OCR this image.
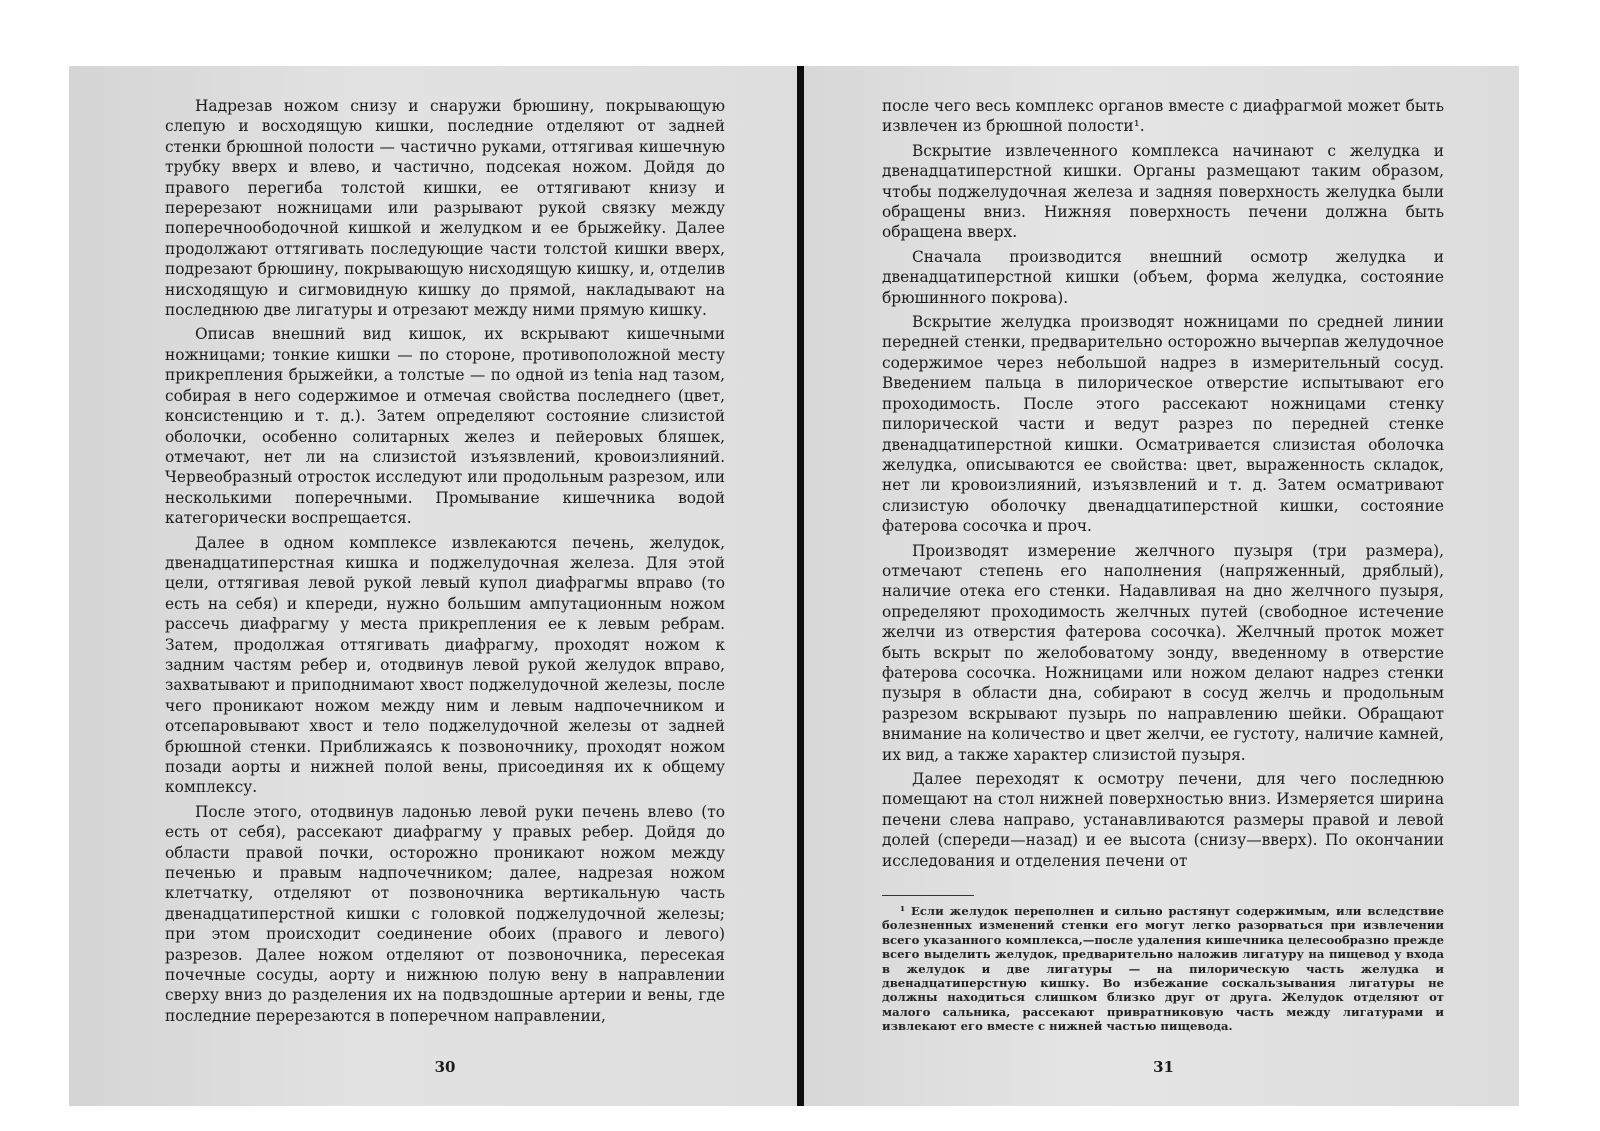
Надрезав ножом снизу и снаружи брюшину, покрывающую слепую и восходящую кишки, последние отделяют от задней стенки брюшной полости — частично руками, оттягивая кишечную трубку вверх и влево, и частично, подсекая ножом. Дойдя до правого перегиба толстой кишки, ее оттягивают книзу и перерезают ножницами или разрывают рукой связку между поперечноободочной кишкой и желудком и ее брыжейку. Далее продолжают оттягивать последующие части толстой кишки вверх, подрезают брюшину, покрывающую нисходящую кишку, и, отделив нисходящую и сигмовидную кишку до прямой, накладывают на последнюю две лигатуры и отрезают между ними прямую кишку.

Описав внешний вид кишок, их вскрывают кишечными ножницами; тонкие кишки — по стороне, противоположной месту прикрепления брыжейки, а толстые — по одной из tenia над тазом, собирая в него содержимое и отмечая свойства последнего (цвет, консистенцию и т. д.). Затем определяют состояние слизистой оболочки, особенно солитарных желез и пейеровых бляшек, отмечают, нет ли на слизистой изъязвлений, кровоизлияний. Червеобразный отросток исследуют или продольным разрезом, или несколькими поперечными. Промывание кишечника водой категорически воспрещается.

Далее в одном комплексе извлекаются печень, желудок, двенадцатиперстная кишка и поджелудочная железа. Для этой цели, оттягивая левой рукой левый купол диафрагмы вправо (то есть на себя) и кпереди, нужно большим ампутационным ножом рассечь диафрагму у места прикрепления ее к левым ребрам. Затем, продолжая оттягивать диафрагму, проходят ножом к задним частям ребер и, отодвинув левой рукой желудок вправо, захватывают и приподнимают хвост поджелудочной железы, после чего проникают ножом между ним и левым надпочечником и отсепаровывают хвост и тело поджелудочной железы от задней брюшной стенки. Приближаясь к позвоночнику, проходят ножом позади аорты и нижней полой вены, присоединяя их к общему комплексу.

После этого, отодвинув ладонью левой руки печень влево (то есть от себя), рассекают диафрагму у правых ребер. Дойдя до области правой почки, осторожно проникают ножом между печенью и правым надпочечником; далее, надрезая ножом клетчатку, отделяют от позвоночника вертикальную часть двенадцатиперстной кишки с головкой поджелудочной железы; при этом происходит соединение обоих (правого и левого) разрезов. Далее ножом отделяют от позвоночника, пересекая почечные сосуды, аорту и нижнюю полую вену в направлении сверху вниз до разделения их на подвздошные артерии и вены, где последние перерезаются в поперечном направлении,

30

после чего весь комплекс органов вместе с диафрагмой может быть извлечен из брюшной полости¹.

Вскрытие извлеченного комплекса начинают с желудка и двенадцатиперстной кишки. Органы размещают таким образом, чтобы поджелудочная железа и задняя поверхность желудка были обращены вниз. Нижняя поверхность печени должна быть обращена вверх.

Сначала производится внешний осмотр желудка и двенадцатиперстной кишки (объем, форма желудка, состояние брюшинного покрова).

Вскрытие желудка производят ножницами по средней линии передней стенки, предварительно осторожно вычерпав желудочное содержимое через небольшой надрез в измерительный сосуд. Введением пальца в пилорическое отверстие испытывают его проходимость. После этого рассекают ножницами стенку пилорической части и ведут разрез по передней стенке двенадцатиперстной кишки. Осматривается слизистая оболочка желудка, описываются ее свойства: цвет, выраженность складок, нет ли кровоизлияний, изъязвлений и т. д. Затем осматривают слизистую оболочку двенадцатиперстной кишки, состояние фатерова сосочка и проч.

Производят измерение желчного пузыря (три размера), отмечают степень его наполнения (напряженный, дряблый), наличие отека его стенки. Надавливая на дно желчного пузыря, определяют проходимость желчных путей (свободное истечение желчи из отверстия фатерова сосочка). Желчный проток может быть вскрыт по желобоватому зонду, введенному в отверстие фатерова сосочка. Ножницами или ножом делают надрез стенки пузыря в области дна, собирают в сосуд желчь и продольным разрезом вскрывают пузырь по направлению шейки. Обращают внимание на количество и цвет желчи, ее густоту, наличие камней, их вид, а также характер слизистой пузыря.

Далее переходят к осмотру печени, для чего последнюю помещают на стол нижней поверхностью вниз. Измеряется ширина печени слева направо, устанавливаются размеры правой и левой долей (спереди—назад) и ее высота (снизу—вверх). По окончании исследования и отделения печени от

¹ Если желудок переполнен и сильно растянут содержимым, или вследствие болезненных изменений стенки его могут легко разорваться при извлечении всего указанного комплекса,—после удаления кишечника целесообразно прежде всего выделить желудок, предварительно наложив лигатуру на пищевод у входа в желудок и две лигатуры — на пилорическую часть желудка и двенадцатиперстную кишку. Во избежание соскальзывания лигатуры не должны находиться слишком близко друг от друга. Желудок отделяют от малого сальника, рассекают привратниковую часть между лигатурами и извлекают его вместе с нижней частью пищевода.

31
